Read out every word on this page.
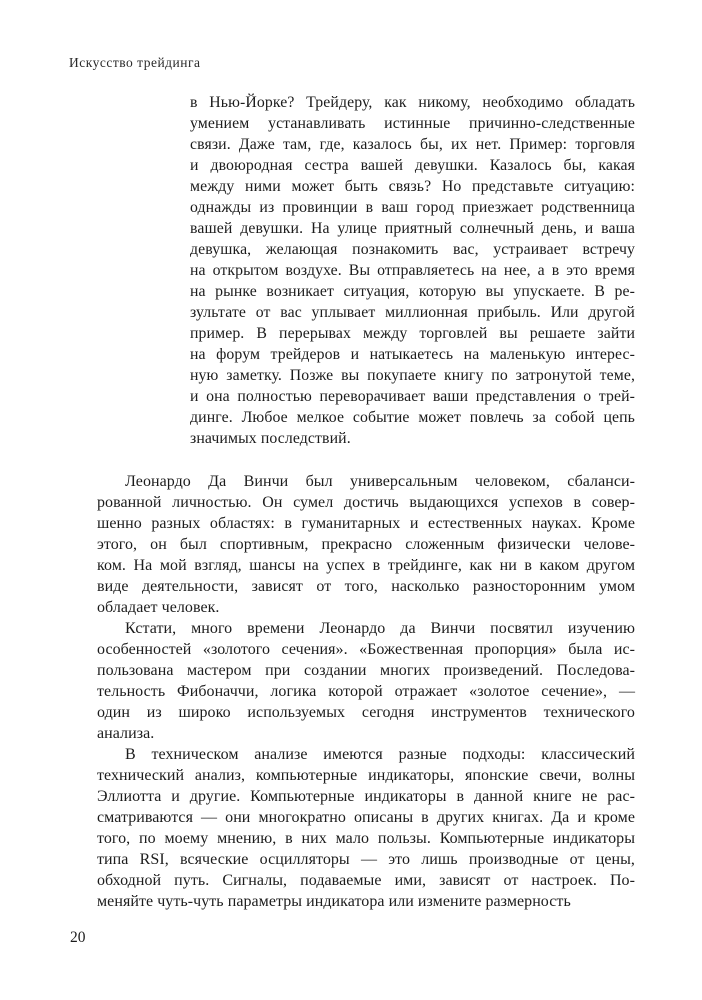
Искусство трейдинга
в Нью-Йорке? Трейдеру, как никому, необходимо обладать
умением устанавливать истинные причинно-следственные
связи. Даже там, где, казалось бы, их нет. Пример: торговля
и двоюродная сестра вашей девушки. Казалось бы, какая
между ними может быть связь? Но представьте ситуацию:
однажды из провинции в ваш город приезжает родственница
вашей девушки. На улице приятный солнечный день, и ваша
девушка, желающая познакомить вас, устраивает встречу
на открытом воздухе. Вы отправляетесь на нее, а в это время
на рынке возникает ситуация, которую вы упускаете. В ре-
зультате от вас уплывает миллионная прибыль. Или другой
пример. В перерывах между торговлей вы решаете зайти
на форум трейдеров и натыкаетесь на маленькую интерес-
ную заметку. Позже вы покупаете книгу по затронутой теме,
и она полностью переворачивает ваши представления о трей-
динге. Любое мелкое событие может повлечь за собой цепь
значимых последствий.
Леонардо Да Винчи был универсальным человеком, сбаланси-
рованной личностью. Он сумел достичь выдающихся успехов в совер-
шенно разных областях: в гуманитарных и естественных науках. Кроме
этого, он был спортивным, прекрасно сложенным физически челове-
ком. На мой взгляд, шансы на успех в трейдинге, как ни в каком другом
виде деятельности, зависят от того, насколько разносторонним умом
обладает человек.
Кстати, много времени Леонардо да Винчи посвятил изучению
особенностей «золотого сечения». «Божественная пропорция» была ис-
пользована мастером при создании многих произведений. Последова-
тельность Фибоначчи, логика которой отражает «золотое сечение», —
один из широко используемых сегодня инструментов технического
анализа.
В техническом анализе имеются разные подходы: классический
технический анализ, компьютерные индикаторы, японские свечи, волны
Эллиотта и другие. Компьютерные индикаторы в данной книге не рас-
сматриваются — они многократно описаны в других книгах. Да и кроме
того, по моему мнению, в них мало пользы. Компьютерные индикаторы
типа RSI, всяческие осцилляторы — это лишь производные от цены,
обходной путь. Сигналы, подаваемые ими, зависят от настроек. По-
меняйте чуть-чуть параметры индикатора или измените размерность
20
